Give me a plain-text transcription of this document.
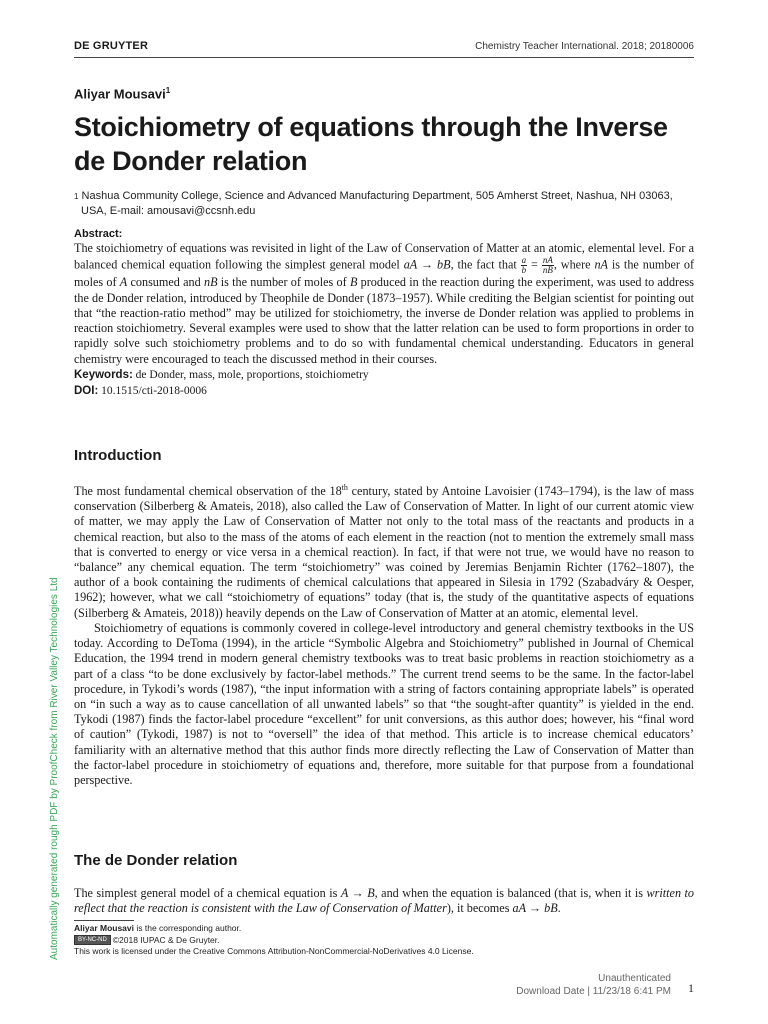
DE GRUYTER	Chemistry Teacher International. 2018; 20180006
Aliyar Mousavi$^1$
Stoichiometry of equations through the Inverse de Donder relation
$^1$ Nashua Community College, Science and Advanced Manufacturing Department, 505 Amherst Street, Nashua, NH 03063,
USA, E-mail: amousavi@ccsnh.edu

Abstract:

The stoichiometry of equations was revisited in light of the Law of Conservation of Matter at an atomic, elemental level. For a balanced chemical equation following the simplest general model aA → bB, the fact that $\frac{a}{b} = \frac{nA}{nB}$ , where nA is the number of moles of A consumed and nB is the number of moles of B produced in the reaction during the experiment, was used to address the de Donder relation, introduced by Theophile de Donder (1873–1957). While crediting the Belgian scientist for pointing out that “the reaction-ratio method” may be utilized for stoichiometry, the inverse de Donder relation was applied to problems in reaction stoichiometry. Several examples were used to show that the latter relation can be used to form proportions in order to rapidly solve such stoichiometry problems and to do so with fundamental chemical understanding. Educators in general chemistry were encouraged to teach the discussed method in their courses.

Keywords: de Donder, mass, mole, proportions, stoichiometry

DOI: 10.1515/cti-2018-0006

Introduction

The most fundamental chemical observation of the 18th century, stated by Antoine Lavoisier (1743–1794), is the law of mass conservation (Silberberg & Amateis, 2018), also called the Law of Conservation of Matter. In light of our current atomic view of matter, we may apply the Law of Conservation of Matter not only to the total mass of the reactants and products in a chemical reaction, but also to the mass of the atoms of each element in the reaction (not to mention the extremely small mass that is converted to energy or vice versa in a chemical reaction). In fact, if that were not true, we would have no reason to “balance” any chemical equation. The term “stoichiometry” was coined by Jeremias Benjamin Richter (1762–1807), the author of a book containing the rudiments of chemical calculations that appeared in Silesia in 1792 (Szabadváry & Oesper, 1962); however, what we call “stoichiometry of equations” today (that is, the study of the quantitative aspects of equations (Silberberg & Amateis, 2018)) heavily depends on the Law of Conservation of Matter at an atomic, elemental level.

Stoichiometry of equations is commonly covered in college-level introductory and general chemistry textbooks in the US today. According to DeToma (1994), in the article “Symbolic Algebra and Stoichiometry” published in Journal of Chemical Education, the 1994 trend in modern general chemistry textbooks was to treat basic problems in reaction stoichiometry as a part of a class “to be done exclusively by factor-label methods.” The current trend seems to be the same. In the factor-label procedure, in Tykodi’s words (1987), “the input information with a string of factors containing appropriate labels” is operated on “in such a way as to cause cancellation of all unwanted labels” so that “the sought-after quantity” is yielded in the end. Tykodi (1987) finds the factor-label procedure “excellent” for unit conversions, as this author does; however, his “final word of caution” (Tykodi, 1987) is not to “oversell” the idea of that method. This article is to increase chemical educators’ familiarity with an alternative method that this author finds more directly reflecting the Law of Conservation of Matter than the factor-label procedure in stoichiometry of equations and, therefore, more suitable for that purpose from a foundational perspective.

The de Donder relation

The simplest general model of a chemical equation is A → B, and when the equation is balanced (that is, when it is written to reflect that the reaction is consistent with the Law of Conservation of Matter), it becomes aA → bB.

Aliyar Mousavi is the corresponding author.
BY-NC-ND ©2018 IUPAC & De Gruyter.
This work is licensed under the Creative Commons Attribution-NonCommercial-NoDerivatives 4.0 License.
Automatically generated rough PDF by ProofCheck from River Valley Technologies Ltd
Unauthenticated
Download Date | 11/23/18 6:41 PM 1
